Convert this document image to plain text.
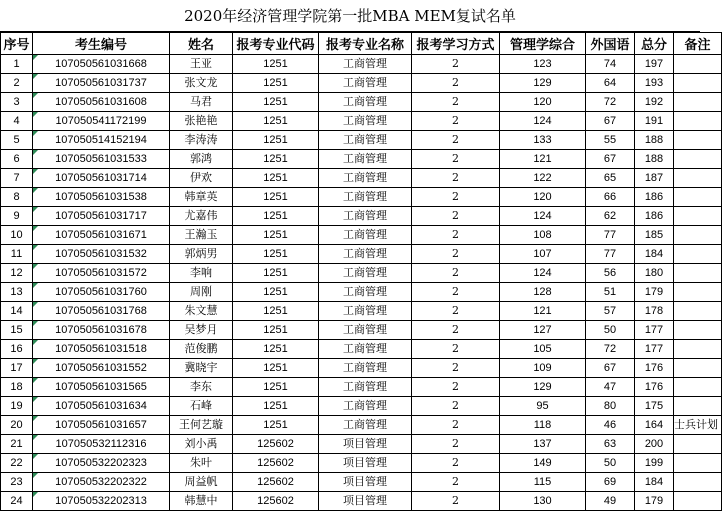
2020年经济管理学院第一批MBA MEM复试名单
序号	考生编号	姓名	报考专业代码	报考专业名称	报考学习方式	管理学综合	外国语	总分	备注
1	107050561031668	王亚	1251	工商管理	2	123	74	197	
2	107050561031737	张文龙	1251	工商管理	2	129	64	193	
3	107050561031608	马君	1251	工商管理	2	120	72	192	
4	107050541172199	张艳艳	1251	工商管理	2	124	67	191	
5	107050514152194	李涛涛	1251	工商管理	2	133	55	188	
6	107050561031533	郭鸿	1251	工商管理	2	121	67	188	
7	107050561031714	伊欢	1251	工商管理	2	122	65	187	
8	107050561031538	韩章英	1251	工商管理	2	120	66	186	
9	107050561031717	尤嘉伟	1251	工商管理	2	124	62	186	
10	107050561031671	王瀚玉	1251	工商管理	2	108	77	185	
11	107050561031532	郭炳男	1251	工商管理	2	107	77	184	
12	107050561031572	李响	1251	工商管理	2	124	56	180	
13	107050561031760	周刚	1251	工商管理	2	128	51	179	
14	107050561031768	朱文慧	1251	工商管理	2	121	57	178	
15	107050561031678	吴梦月	1251	工商管理	2	127	50	177	
16	107050561031518	范俊鹏	1251	工商管理	2	105	72	177	
17	107050561031552	冀晓宇	1251	工商管理	2	109	67	176	
18	107050561031565	李东	1251	工商管理	2	129	47	176	
19	107050561031634	石峰	1251	工商管理	2	95	80	175	
20	107050561031657	王何艺璇	1251	工商管理	2	118	46	164	士兵计划
21	107050532112316	刘小禹	125602	项目管理	2	137	63	200	
22	107050532202323	朱叶	125602	项目管理	2	149	50	199	
23	107050532202322	周益帆	125602	项目管理	2	115	69	184	
24	107050532202313	韩慧中	125602	项目管理	2	130	49	179	
